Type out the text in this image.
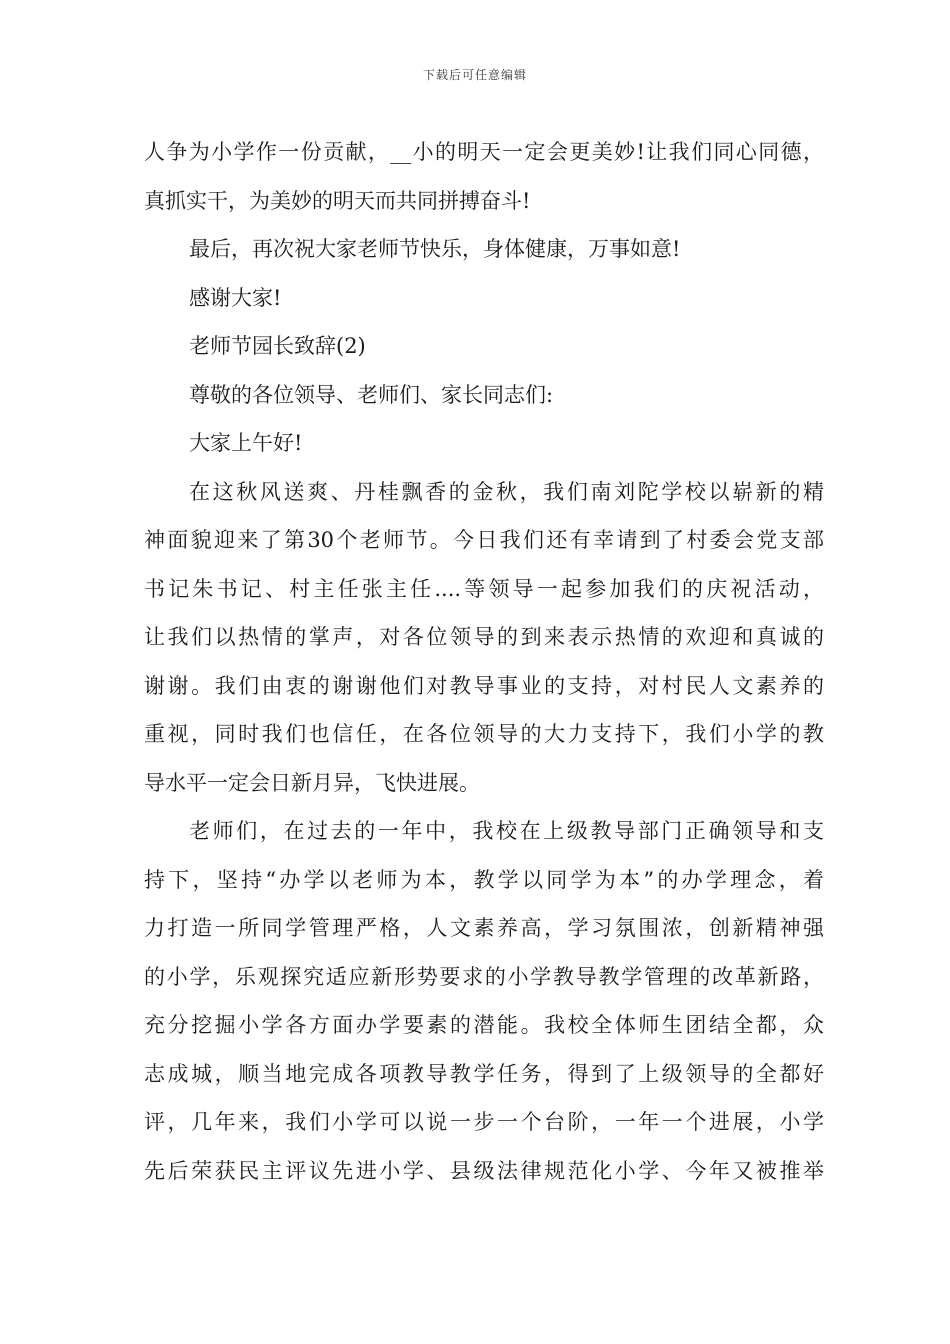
下载后可任意编辑
人争为小学作一份贡献，__小的明天一定会更美妙!让我们同心同德，
真抓实干，为美妙的明天而共同拼搏奋斗!
最后，再次祝大家老师节快乐，身体健康，万事如意!
感谢大家!
老师节园长致辞(2)
尊敬的各位领导、老师们、家长同志们:
大家上午好!
在这秋风送爽、丹桂飘香的金秋，我们南刘陀学校以崭新的精
神面貌迎来了第30个老师节。今日我们还有幸请到了村委会党支部
书记朱书记、村主任张主任....等领导一起参加我们的庆祝活动，
让我们以热情的掌声，对各位领导的到来表示热情的欢迎和真诚的
谢谢。我们由衷的谢谢他们对教导事业的支持，对村民人文素养的
重视，同时我们也信任，在各位领导的大力支持下，我们小学的教
导水平一定会日新月异，飞快进展。
老师们，在过去的一年中，我校在上级教导部门正确领导和支
持下，坚持“办学以老师为本，教学以同学为本”的办学理念，着
力打造一所同学管理严格，人文素养高，学习氛围浓，创新精神强
的小学，乐观探究适应新形势要求的小学教导教学管理的改革新路，
充分挖掘小学各方面办学要素的潜能。我校全体师生团结全都，众
志成城，顺当地完成各项教导教学任务，得到了上级领导的全都好
评，几年来，我们小学可以说一步一个台阶，一年一个进展，小学
先后荣获民主评议先进小学、县级法律规范化小学、今年又被推举
